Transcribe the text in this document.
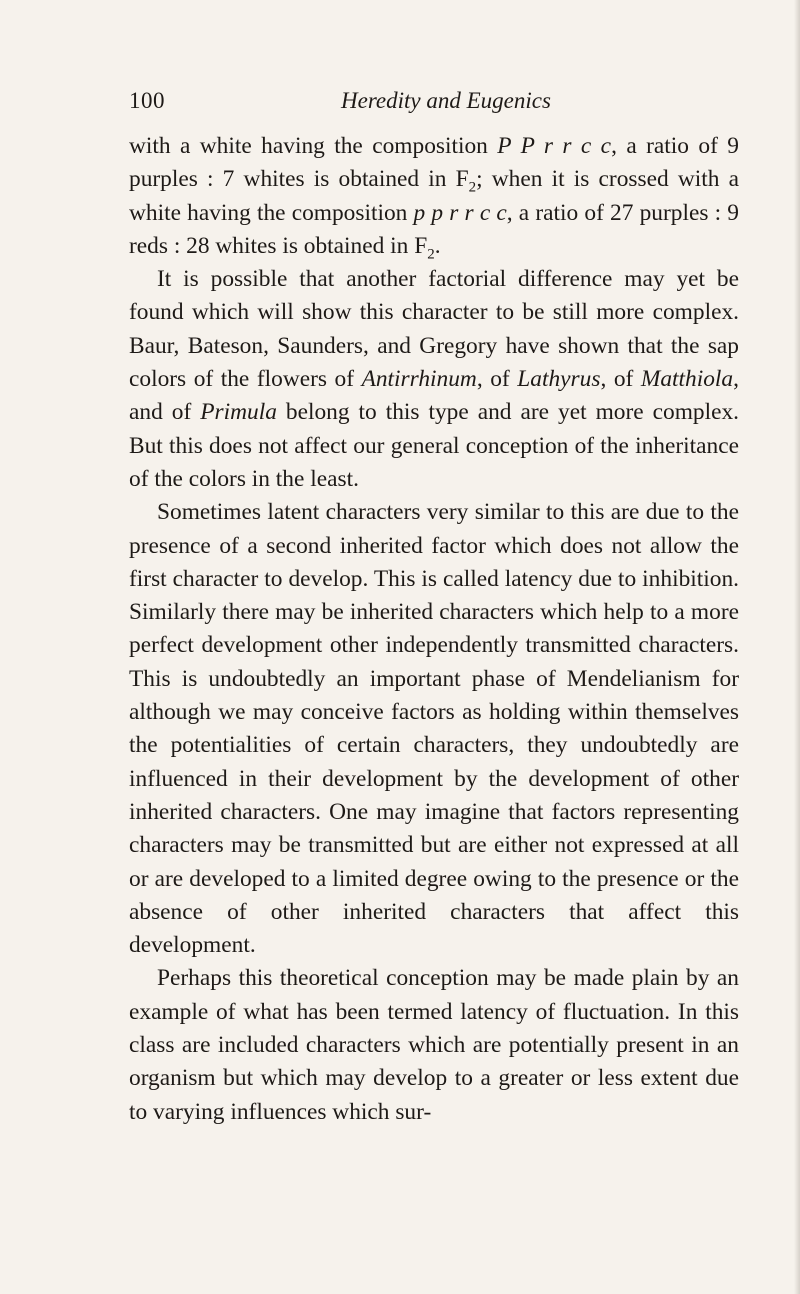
100	Heredity and Eugenics

with a white having the composition P P r r c c, a ratio of 9 purples : 7 whites is obtained in $F_2$; when it is crossed with a white having the composition p p r r c c, a ratio of 27 purples : 9 reds : 28 whites is obtained in $F_2$.

It is possible that another factorial difference may yet be found which will show this character to be still more complex. Baur, Bateson, Saunders, and Gregory have shown that the sap colors of the flowers of Antirrhinum, of Lathyrus, of Matthiola, and of Primula belong to this type and are yet more complex. But this does not affect our general conception of the inheritance of the colors in the least.

Sometimes latent characters very similar to this are due to the presence of a second inherited factor which does not allow the first character to develop. This is called latency due to inhibition. Similarly there may be inherited characters which help to a more perfect development other independently transmitted characters. This is undoubtedly an important phase of Mendelianism for although we may conceive factors as holding within themselves the potentialities of certain characters, they undoubtedly are influenced in their development by the development of other inherited characters. One may imagine that factors representing characters may be transmitted but are either not expressed at all or are developed to a limited degree owing to the presence or the absence of other inherited characters that affect this development.

Perhaps this theoretical conception may be made plain by an example of what has been termed latency of fluctuation. In this class are included characters which are potentially present in an organism but which may develop to a greater or less extent due to varying influences which sur-
